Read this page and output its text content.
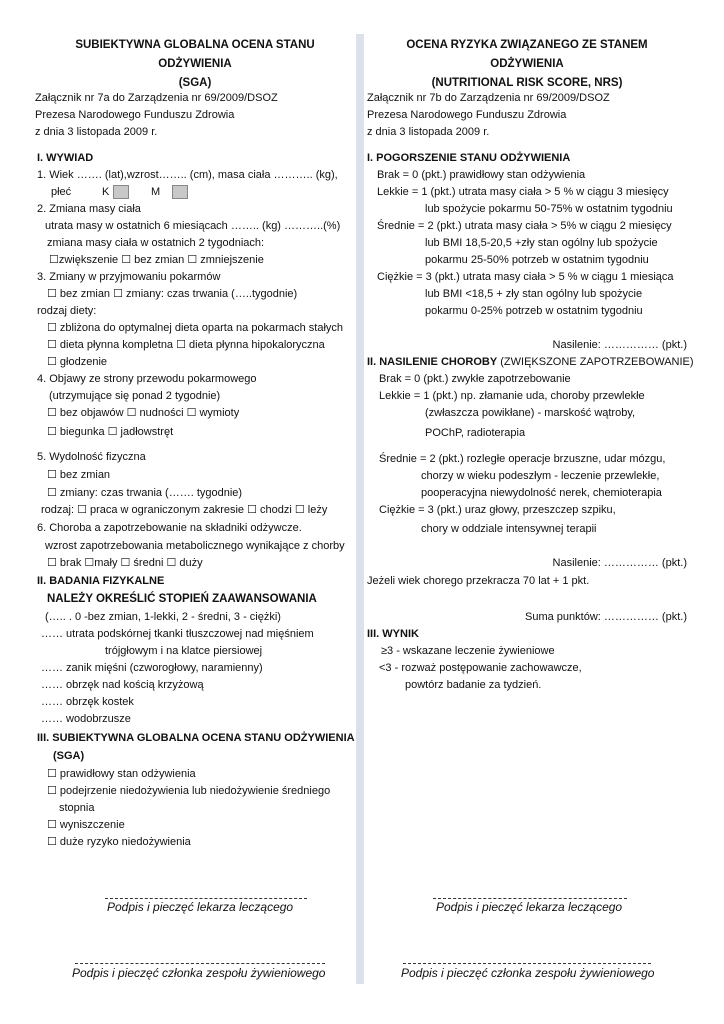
SUBIEKTYWNA GLOBALNA OCENA STANU
ODŻYWIENIA
(SGA)
Załącznik nr 7a do Zarządzenia nr 69/2009/DSOZ
Prezesa Narodowego Funduszu Zdrowia
z dnia 3 listopada 2009 r.
I. WYWIAD
1. Wiek ……. (lat),wzrost…….. (cm), masa ciała ……….. (kg),
płeć	K	M
2. Zmiana masy ciała
utrata masy w ostatnich 6 miesiącach …….. (kg) ………..(%)
zmiana masy ciała w ostatnich 2 tygodniach:
☐zwiększenie ☐ bez zmian ☐ zmniejszenie
3. Zmiany w przyjmowaniu pokarmów
☐ bez zmian ☐ zmiany: czas trwania (…..tygodnie)
rodzaj diety:
☐ zbliżona do optymalnej dieta oparta na pokarmach stałych
☐ dieta płynna kompletna ☐ dieta płynna hipokaloryczna
☐ głodzenie
4. Objawy ze strony przewodu pokarmowego
(utrzymujące się ponad 2 tygodnie)
☐ bez objawów ☐ nudności ☐ wymioty
☐ biegunka ☐ jadłowstręt
5. Wydolność fizyczna
☐ bez zmian
☐ zmiany: czas trwania (……. tygodnie)
rodzaj: ☐ praca w ograniczonym zakresie ☐ chodzi ☐ leży
6. Choroba a zapotrzebowanie na składniki odżywcze.
wzrost zapotrzebowania metabolicznego wynikające z chorby
☐ brak ☐mały ☐ średni ☐ duży
II. BADANIA FIZYKALNE
NALEŻY OKREŚLIĆ STOPIEŃ ZAAWANSOWANIA
(….. . 0 -bez zmian, 1-lekki, 2 - średni, 3 - ciężki)
…… utrata podskórnej tkanki tłuszczowej nad mięśniem
trójgłowym i na klatce piersiowej
…… zanik mięśni (czworogłowy, naramienny)
…… obrzęk nad kością krzyżową
…… obrzęk kostek
…… wodobrzusze
III. SUBIEKTYWNA GLOBALNA OCENA STANU ODŻYWIENIA
(SGA)
☐ prawidłowy stan odżywienia
☐ podejrzenie niedożywienia lub niedożywienie średniego
stopnia
☐ wyniszczenie
☐ duże ryzyko niedożywienia
Podpis i pieczęć lekarza leczącego
Podpis i pieczęć członka zespołu żywieniowego
OCENA RYZYKA ZWIĄZANEGO ZE STANEM
ODŻYWIENIA
(NUTRITIONAL RISK SCORE, NRS)
Załącznik nr 7b do Zarządzenia nr 69/2009/DSOZ
Prezesa Narodowego Funduszu Zdrowia
z dnia 3 listopada 2009 r.
I. POGORSZENIE STANU ODŻYWIENIA
Brak = 0 (pkt.) prawidłowy stan odżywienia
Lekkie = 1 (pkt.) utrata masy ciała > 5 % w ciągu 3 miesięcy
lub spożycie pokarmu 50-75% w ostatnim tygodniu
Średnie = 2 (pkt.) utrata masy ciała > 5% w ciągu 2 miesięcy
lub BMI 18,5-20,5 +zły stan ogólny lub spożycie
pokarmu 25-50% potrzeb w ostatnim tygodniu
Ciężkie = 3 (pkt.) utrata masy ciała > 5 % w ciągu 1 miesiąca
lub BMI <18,5 + zły stan ogólny lub spożycie
pokarmu 0-25% potrzeb w ostatnim tygodniu
Nasilenie: …………… (pkt.)
II. NASILENIE CHOROBY (ZWIĘKSZONE ZAPOTRZEBOWANIE)
Brak = 0 (pkt.) zwykłe zapotrzebowanie
Lekkie = 1 (pkt.) np. złamanie uda, choroby przewlekłe
(zwłaszcza powikłane) - marskość wątroby,
POChP, radioterapia
Średnie = 2 (pkt.) rozległe operacje brzuszne, udar mózgu,
chorzy w wieku podeszłym - leczenie przewlekłe,
pooperacyjna niewydolność nerek, chemioterapia
Ciężkie = 3 (pkt.) uraz głowy, przeszczep szpiku,
chory w oddziale intensywnej terapii
Nasilenie: …………… (pkt.)
Jeżeli wiek chorego przekracza 70 lat + 1 pkt.
Suma punktów: …………… (pkt.)
III. WYNIK
≥3 - wskazane leczenie żywieniowe
<3 - rozważ postępowanie zachowawcze,
powtórz badanie za tydzień.
Podpis i pieczęć lekarza leczącego
Podpis i pieczęć członka zespołu żywieniowego
